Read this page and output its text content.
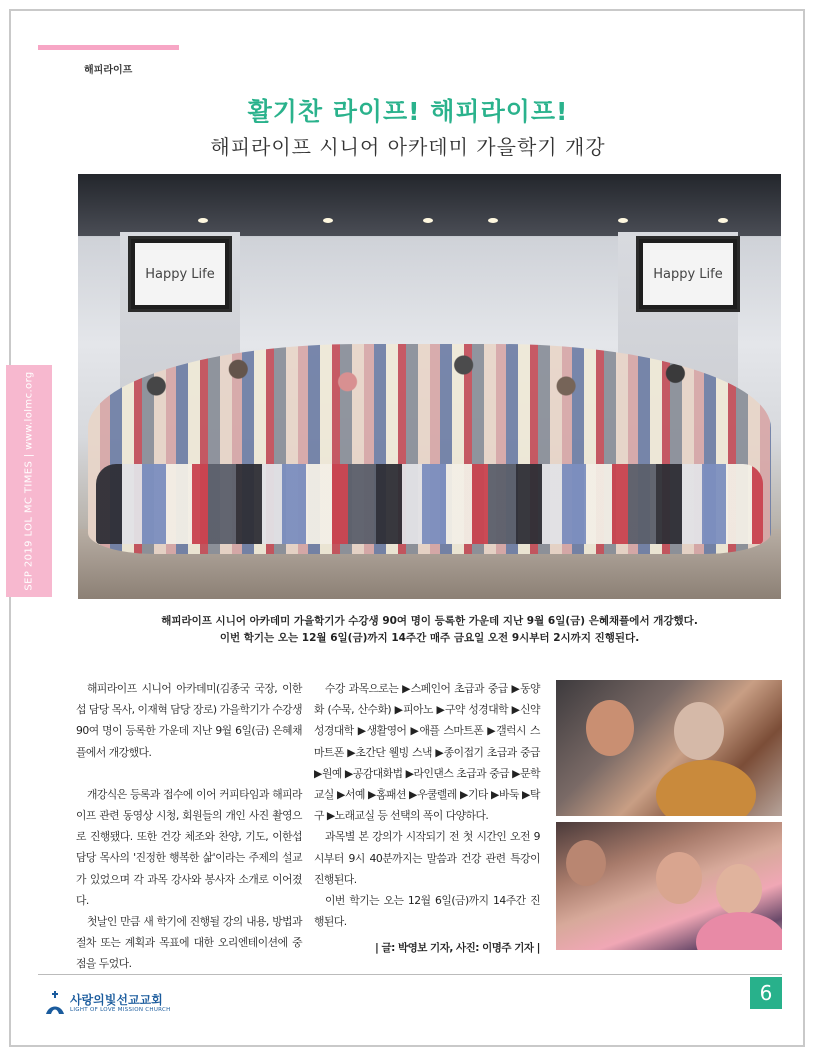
해피라이프
활기찬 라이프! 해피라이프!
해피라이프 시니어 아카데미 가을학기 개강
SEP 2019 LOL MC TIMES | www.lolmc.org
Happy Life	Happy Life
해피라이프 시니어 아카데미 가을학기가 수강생 90여 명이 등록한 가운데 지난 9월 6일(금) 은혜채플에서 개강했다.
이번 학기는 오는 12월 6일(금)까지 14주간 매주 금요일 오전 9시부터 2시까지 진행된다.

해피라이프 시니어 아카데미(김종국 국장, 이한섭 담당 목사, 이재혁 담당 장로) 가을학기가 수강생 90여 명이 등록한 가운데 지난 9월 6일(금) 은혜채플에서 개강했다.

개강식은 등록과 접수에 이어 커피타임과 해피라이프 관련 동영상 시청, 회원들의 개인 사진 촬영으로 진행됐다. 또한 건강 체조와 찬양, 기도, 이한섭 담당 목사의 '진정한 행복한 삶'이라는 주제의 설교가 있었으며 각 과목 강사와 봉사자 소개로 이어졌다.

첫날인 만큼 새 학기에 진행될 강의 내용, 방법과 절차 또는 계획과 목표에 대한 오리엔테이션에 중점을 두었다.

수강 과목으로는 ▶스페인어 초급과 중급 ▶동양화 (수묵, 산수화) ▶피아노 ▶구약 성경대학 ▶신약 성경대학 ▶생활영어 ▶애플 스마트폰 ▶갤럭시 스마트폰 ▶초간단 웰빙 스낵 ▶종이접기 초급과 중급 ▶원예 ▶공감대화법 ▶라인댄스 초급과 중급 ▶문학교실 ▶서예 ▶홈패션 ▶우쿨렐레 ▶기타 ▶바둑 ▶탁구 ▶노래교실 등 선택의 폭이 다양하다.

과목별 본 강의가 시작되기 전 첫 시간인 오전 9시부터 9시 40분까지는 말씀과 건강 관련 특강이 진행된다.

이번 학기는 오는 12월 6일(금)까지 14주간 진행된다.

| 글: 박영보 기자, 사진: 이명주 기자 |
사랑의빛선교교회
LIGHT OF LOVE MISSION CHURCH
6
